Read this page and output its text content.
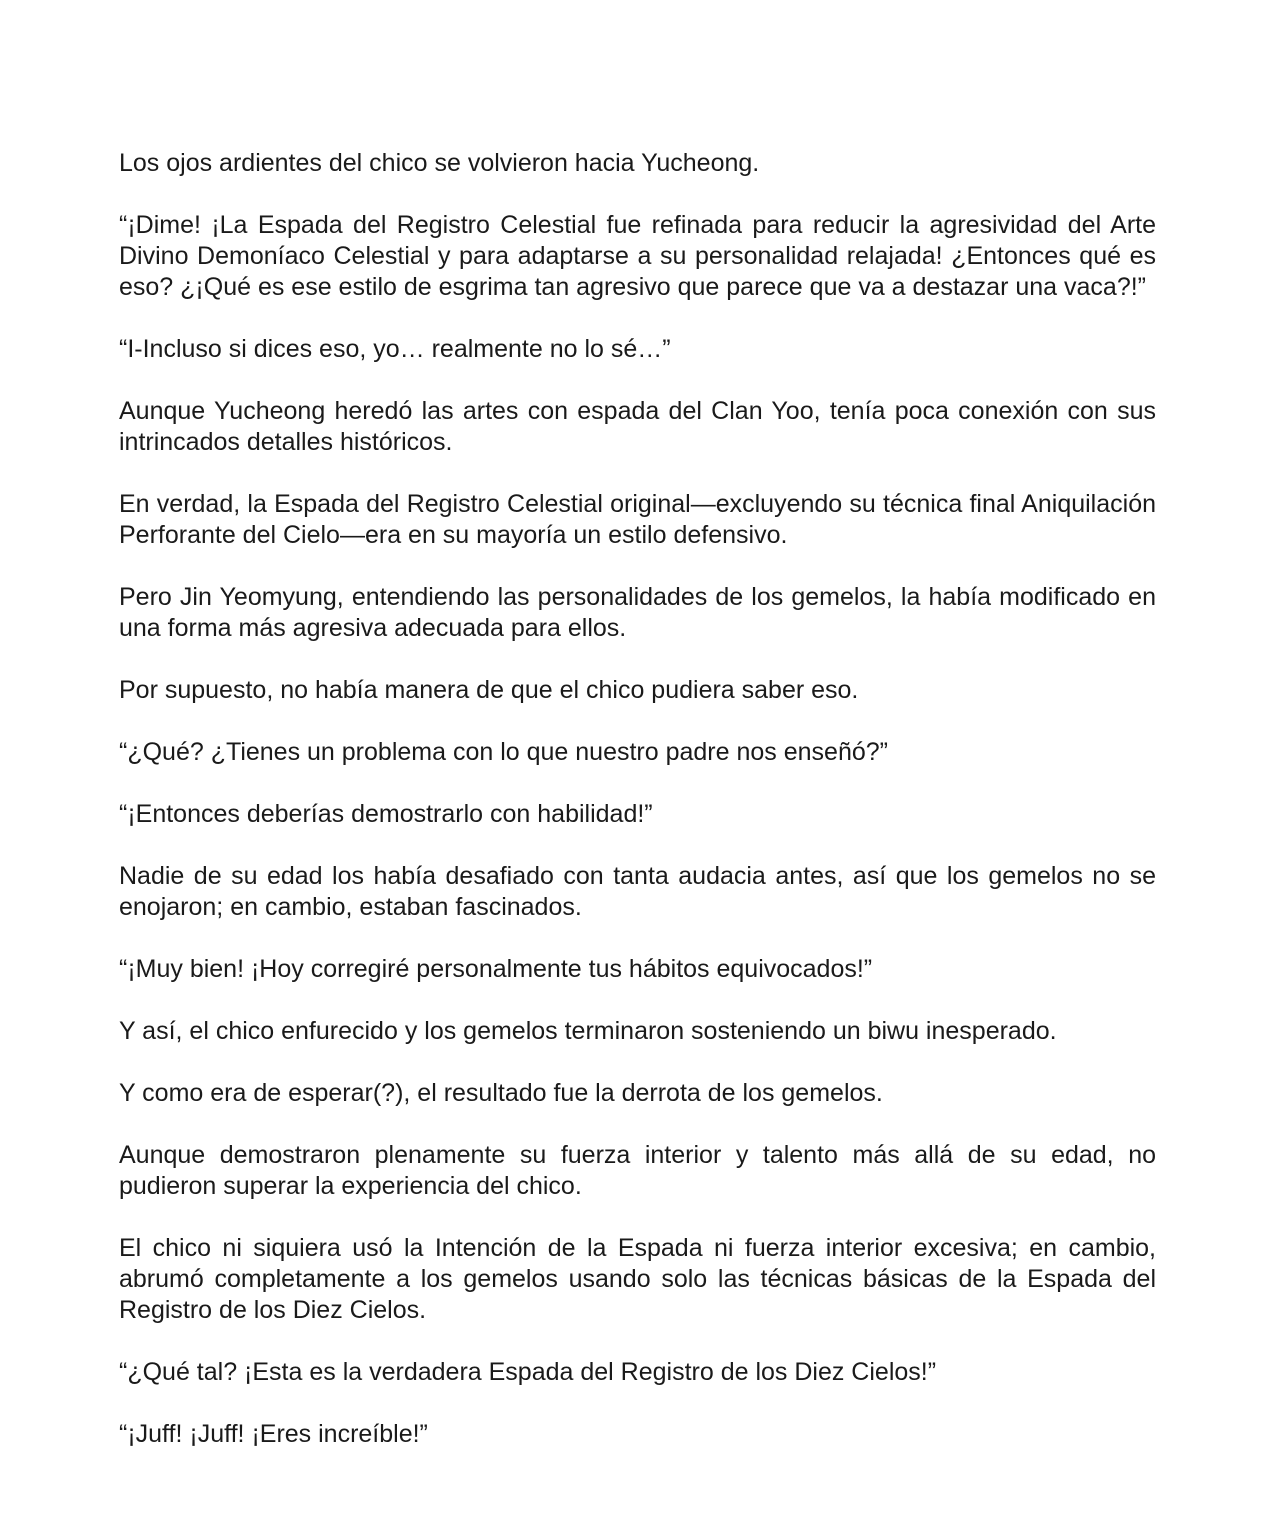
Los ojos ardientes del chico se volvieron hacia Yucheong.

“¡Dime! ¡La Espada del Registro Celestial fue refinada para reducir la agresividad del Arte Divino Demoníaco Celestial y para adaptarse a su personalidad relajada! ¿Entonces qué es eso? ¿¡Qué es ese estilo de esgrima tan agresivo que parece que va a destazar una vaca?!”

“I-Incluso si dices eso, yo… realmente no lo sé…”

Aunque Yucheong heredó las artes con espada del Clan Yoo, tenía poca conexión con sus intrincados detalles históricos.

En verdad, la Espada del Registro Celestial original—excluyendo su técnica final Aniquilación Perforante del Cielo—era en su mayoría un estilo defensivo.

Pero Jin Yeomyung, entendiendo las personalidades de los gemelos, la había modificado en una forma más agresiva adecuada para ellos.

Por supuesto, no había manera de que el chico pudiera saber eso.

“¿Qué? ¿Tienes un problema con lo que nuestro padre nos enseñó?”

“¡Entonces deberías demostrarlo con habilidad!”

Nadie de su edad los había desafiado con tanta audacia antes, así que los gemelos no se enojaron; en cambio, estaban fascinados.

“¡Muy bien! ¡Hoy corregiré personalmente tus hábitos equivocados!”

Y así, el chico enfurecido y los gemelos terminaron sosteniendo un biwu inesperado.

Y como era de esperar(?), el resultado fue la derrota de los gemelos.

Aunque demostraron plenamente su fuerza interior y talento más allá de su edad, no pudieron superar la experiencia del chico.

El chico ni siquiera usó la Intención de la Espada ni fuerza interior excesiva; en cambio, abrumó completamente a los gemelos usando solo las técnicas básicas de la Espada del Registro de los Diez Cielos.

“¿Qué tal? ¡Esta es la verdadera Espada del Registro de los Diez Cielos!”

“¡Juff! ¡Juff! ¡Eres increíble!”
